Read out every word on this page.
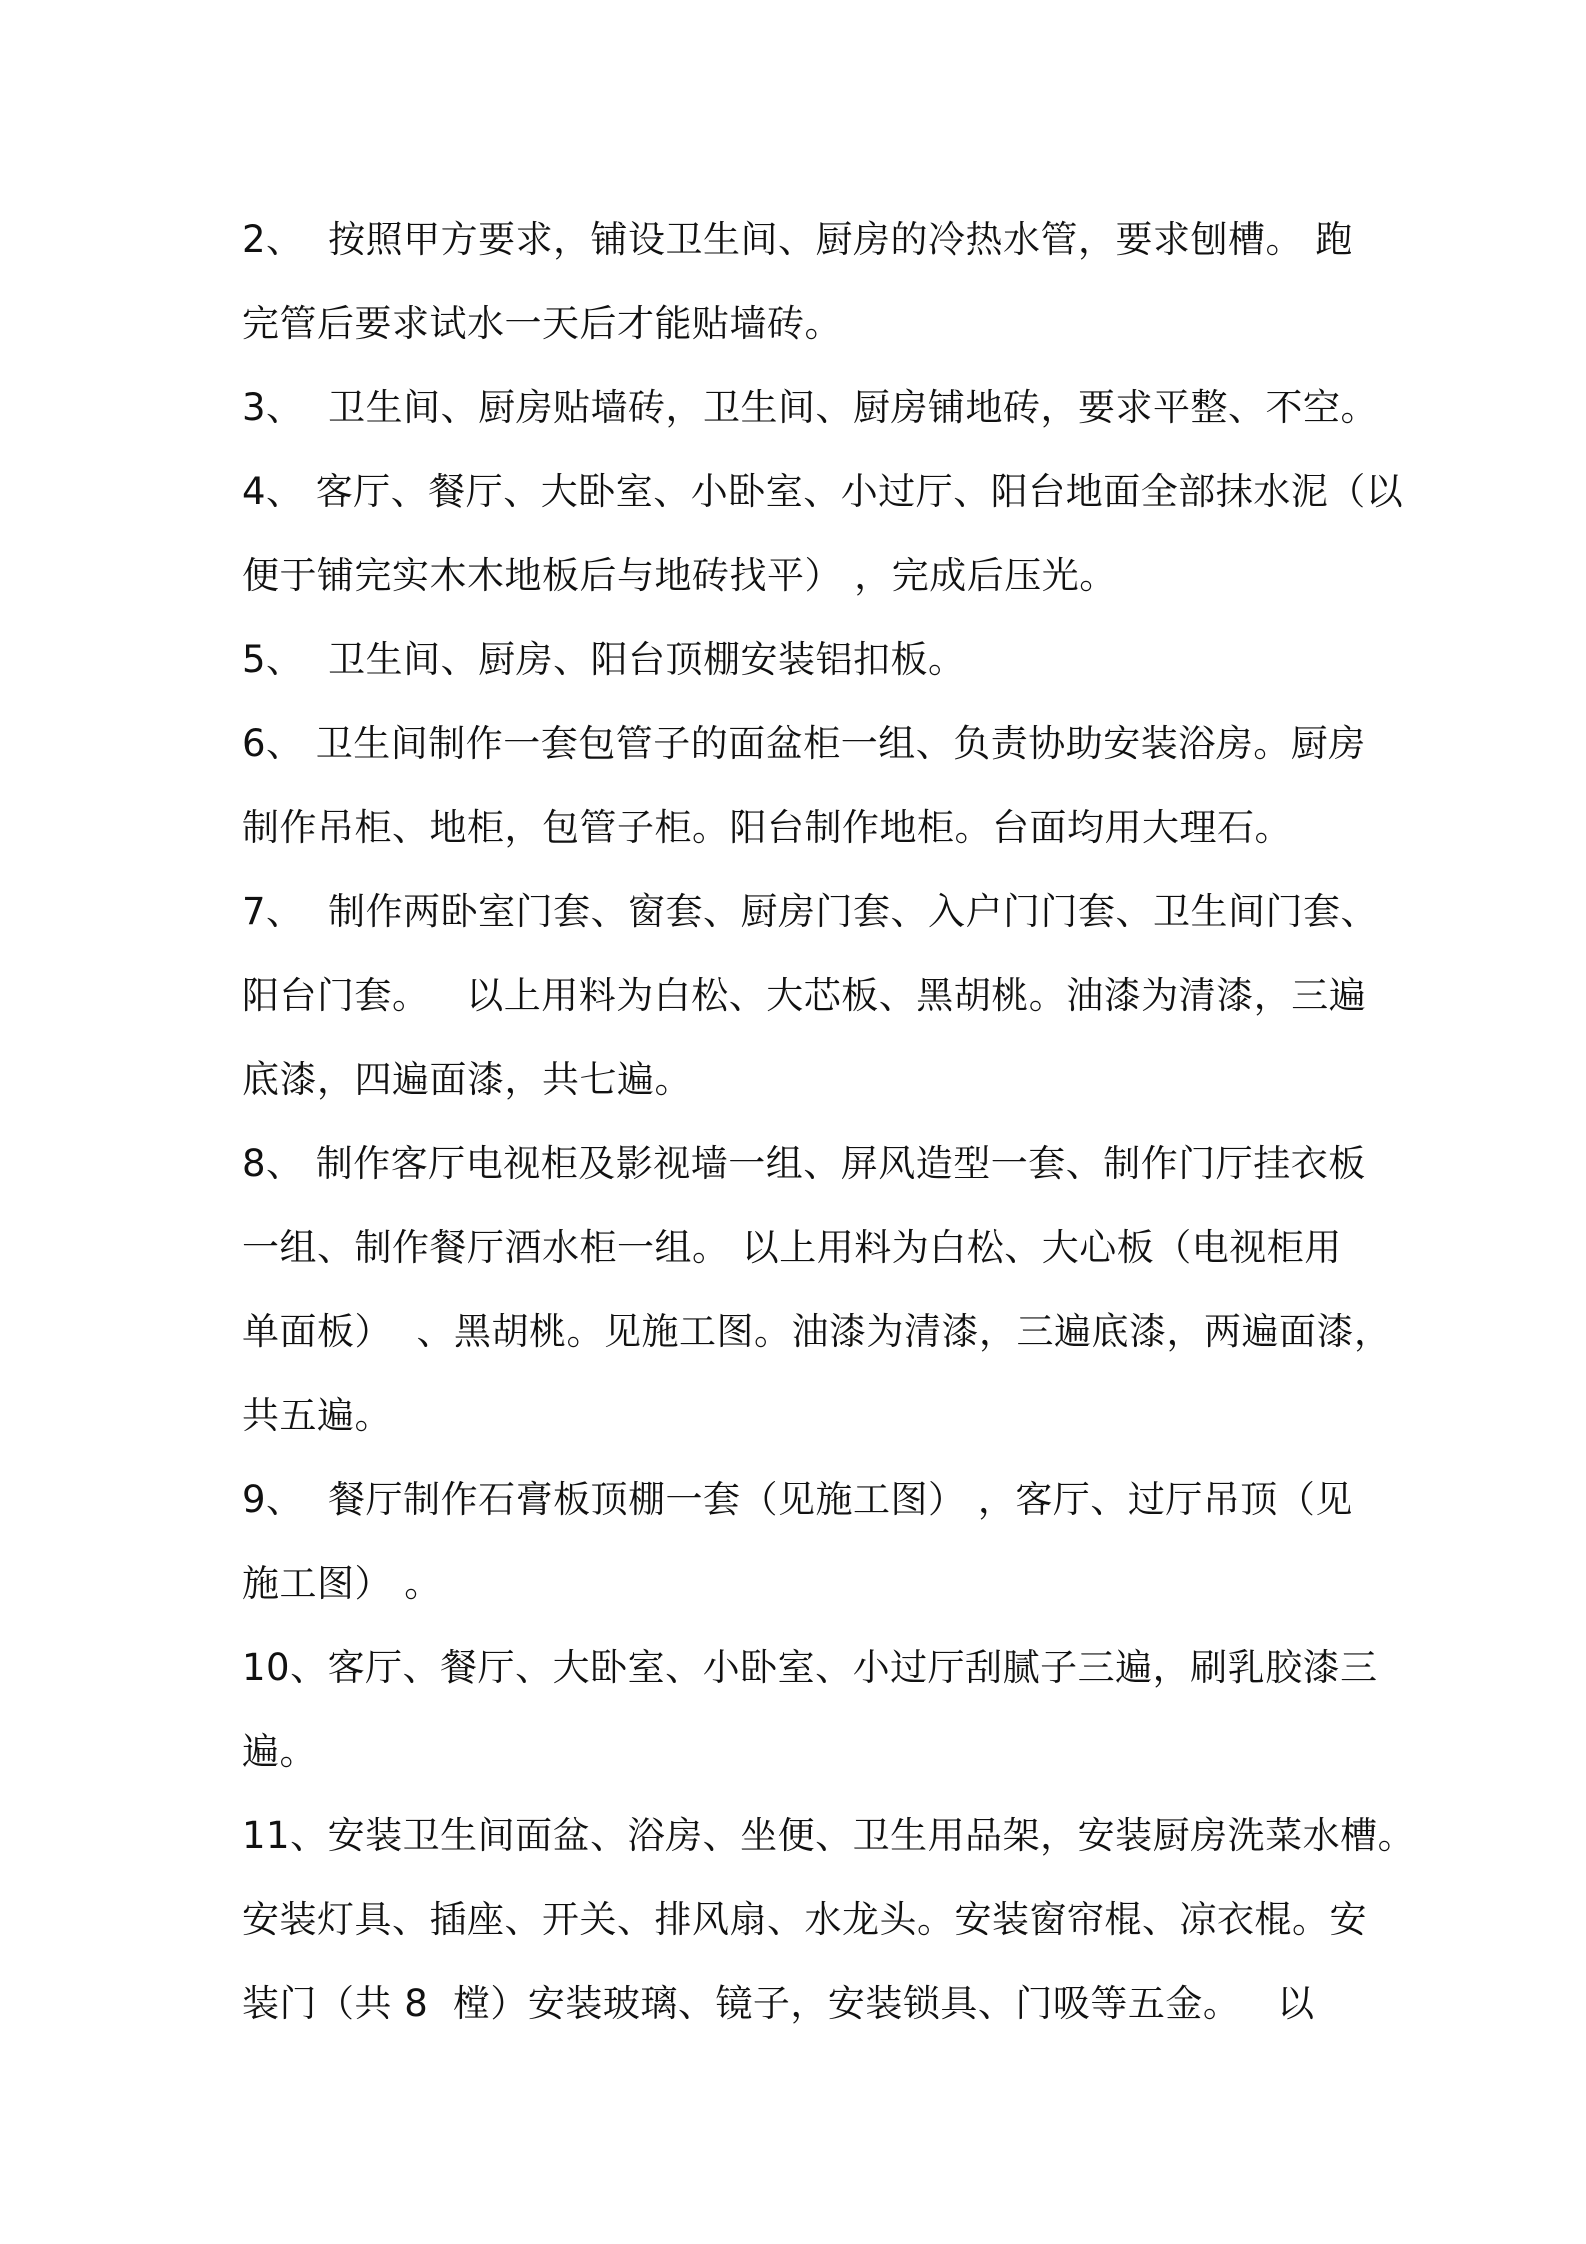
2、  按照甲方要求，铺设卫生间、厨房的冷热水管，要求刨槽。 跑
完管后要求试水一天后才能贴墙砖。
3、  卫生间、厨房贴墙砖，卫生间、厨房铺地砖，要求平整、不空。
4、 客厅、餐厅、大卧室、小卧室、小过厅、阳台地面全部抹水泥（以
便于铺完实木木地板后与地砖找平） ，完成后压光。
5、  卫生间、厨房、阳台顶棚安装铝扣板。
6、 卫生间制作一套包管子的面盆柜一组、负责协助安装浴房。厨房
制作吊柜、地柜，包管子柜。阳台制作地柜。台面均用大理石。
7、  制作两卧室门套、窗套、厨房门套、入户门门套、卫生间门套、
阳台门套。   以上用料为白松、大芯板、黑胡桃。油漆为清漆，三遍
底漆，四遍面漆，共七遍。
8、 制作客厅电视柜及影视墙一组、屏风造型一套、制作门厅挂衣板
一组、制作餐厅酒水柜一组。 以上用料为白松、大心板（电视柜用
单面板）  、黑胡桃。见施工图。油漆为清漆，三遍底漆，两遍面漆，
共五遍。
9、  餐厅制作石膏板顶棚一套（见施工图） ，客厅、过厅吊顶（见
施工图） 。
10、客厅、餐厅、大卧室、小卧室、小过厅刮腻子三遍，刷乳胶漆三
遍。
11、安装卫生间面盆、浴房、坐便、卫生用品架，安装厨房洗菜水槽。
安装灯具、插座、开关、排风扇、水龙头。安装窗帘棍、凉衣棍。安
装门（共 8  樘）安装玻璃、镜子，安装锁具、门吸等五金。   以
